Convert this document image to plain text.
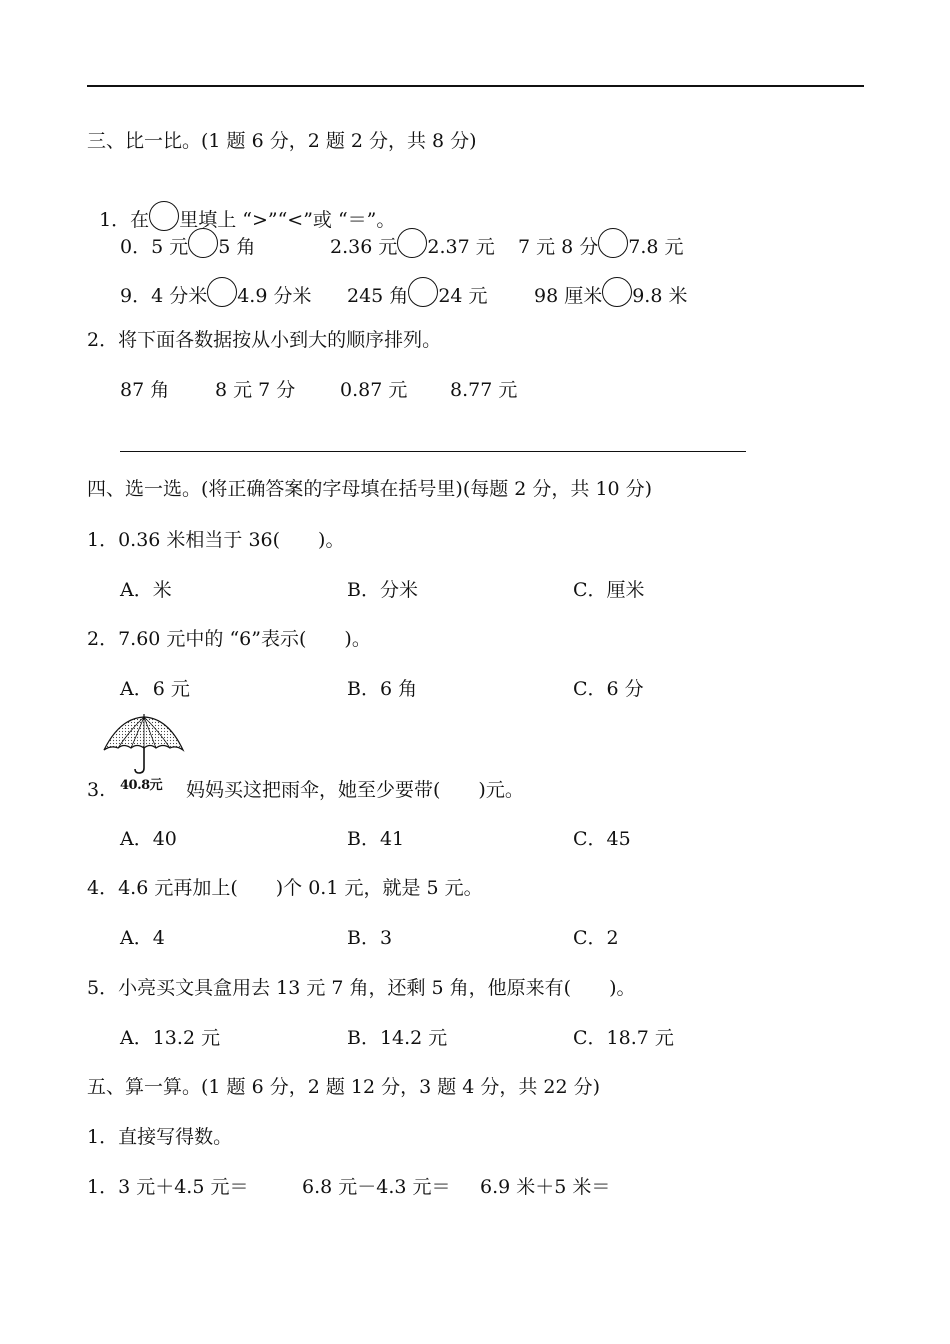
三、比一比。(1 题 6 分，2 题 2 分，共 8 分)

1．在 里填上 “>”“<”或 “＝”。

0．5 元 5 角	2.36 元 2.37 元 7 元 8 分 7.8 元
9．4 分米 4.9 分米 245 角 24 元 98 厘米 9.8 米
2．将下面各数据按从小到大的顺序排列。
87 角 8 元 7 分 0.87 元 8.77 元
四、选一选。(将正确答案的字母填在括号里)(每题 2 分，共 10 分)
1．0.36 米相当于 36(　　)。
A．米	B．分米	C．厘米
2．7.60 元中的 “6”表示(　　)。
A．6 元	B．6 角	C．6 分
40.8元
3.	妈妈买这把雨伞，她至少要带(　　)元。
A．40	B．41	C．45
4．4.6 元再加上(　　)个 0.1 元，就是 5 元。
A．4	B．3	C．2
5．小亮买文具盒用去 13 元 7 角，还剩 5 角，他原来有(　　)。
A．13.2 元	B．14.2 元	C．18.7 元
五、算一算。(1 题 6 分，2 题 12 分，3 题 4 分，共 22 分)
1．直接写得数。
1．3 元＋4.5 元＝	6.8 元－4.3 元＝ 6.9 米＋5 米＝
